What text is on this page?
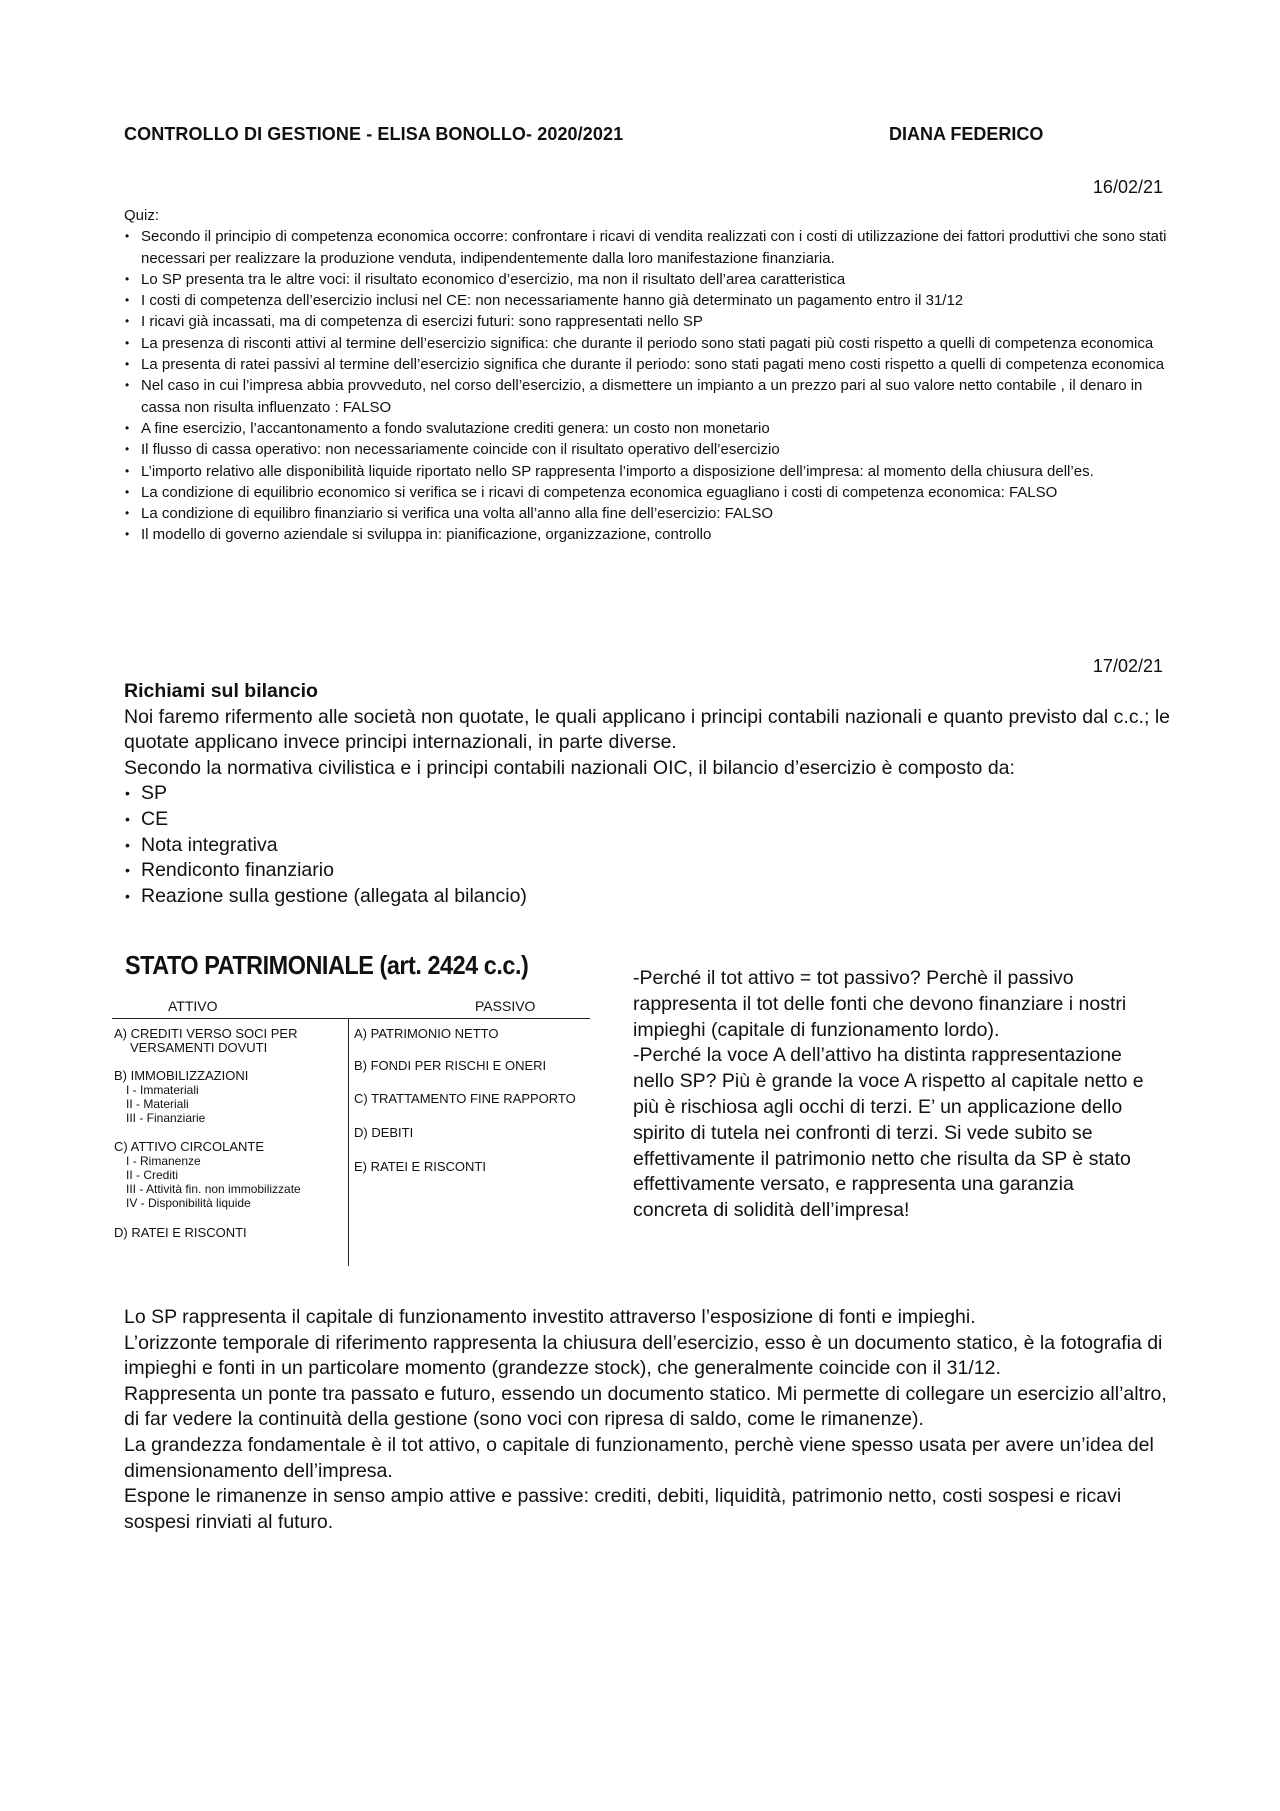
CONTROLLO DI GESTIONE - ELISA BONOLLO- 2020/2021	DIANA FEDERICO
16/02/21

Quiz:

• Secondo il principio di competenza economica occorre: confrontare i ricavi di vendita realizzati con i costi di utilizzazione dei fattori produttivi che sono stati necessari per realizzare la produzione venduta, indipendentemente dalla loro manifestazione finanziaria.
• Lo SP presenta tra le altre voci: il risultato economico d’esercizio, ma non il risultato dell’area caratteristica
• I costi di competenza dell’esercizio inclusi nel CE: non necessariamente hanno già determinato un pagamento entro il 31/12
• I ricavi già incassati, ma di competenza di esercizi futuri: sono rappresentati nello SP
• La presenza di risconti attivi al termine dell’esercizio significa: che durante il periodo sono stati pagati più costi rispetto a quelli di competenza economica
• La presenta di ratei passivi al termine dell’esercizio significa che durante il periodo: sono stati pagati meno costi rispetto a quelli di competenza economica
• Nel caso in cui l’impresa abbia provveduto, nel corso dell’esercizio, a dismettere un impianto a un prezzo pari al suo valore netto contabile , il denaro in cassa non risulta influenzato : FALSO
• A fine esercizio, l’accantonamento a fondo svalutazione crediti genera: un costo non monetario
• Il flusso di cassa operativo: non necessariamente coincide con il risultato operativo dell’esercizio
• L’importo relativo alle disponibilità liquide riportato nello SP rappresenta l’importo a disposizione dell’impresa: al momento della chiusura dell’es.
• La condizione di equilibrio economico si verifica se i ricavi di competenza economica eguagliano i costi di competenza economica: FALSO
• La condizione di equilibro finanziario si verifica una volta all’anno alla fine dell’esercizio: FALSO
• Il modello di governo aziendale si sviluppa in: pianificazione, organizzazione, controllo
17/02/21
Richiami sul bilancio

Noi faremo rifermento alle società non quotate, le quali applicano i principi contabili nazionali e quanto previsto dal c.c.; le quotate applicano invece principi internazionali, in parte diverse.

Secondo la normativa civilistica e i principi contabili nazionali OIC, il bilancio d’esercizio è composto da:

• SP
• CE
• Nota integrativa
• Rendiconto finanziario
• Reazione sulla gestione (allegata al bilancio)
STATO PATRIMONIALE (art. 2424 c.c.)
ATTIVO	PASSIVO
A) CREDITI VERSO SOCI PER
VERSAMENTI DOVUTI
B) IMMOBILIZZAZIONI
I - Immateriali
II - Materiali
III - Finanziarie
C) ATTIVO CIRCOLANTE
I - Rimanenze
II - Crediti
III - Attività fin. non immobilizzate
IV - Disponibilità liquide
D) RATEI E RISCONTI
A) PATRIMONIO NETTO
B) FONDI PER RISCHI E ONERI
C) TRATTAMENTO FINE RAPPORTO
D) DEBITI
E) RATEI E RISCONTI

-Perché il tot attivo = tot passivo? Perchè il passivo rappresenta il tot delle fonti che devono finanziare i nostri impieghi (capitale di funzionamento lordo).

-Perché la voce A dell’attivo ha distinta rappresentazione nello SP? Più è grande la voce A rispetto al capitale netto e più è rischiosa agli occhi di terzi. E’ un applicazione dello spirito di tutela nei confronti di terzi. Si vede subito se effettivamente il patrimonio netto che risulta da SP è stato effettivamente versato, e rappresenta una garanzia concreta di solidità dell’impresa!

Lo SP rappresenta il capitale di funzionamento investito attraverso l’esposizione di fonti e impieghi.

L’orizzonte temporale di riferimento rappresenta la chiusura dell’esercizio, esso è un documento statico, è la fotografia di impieghi e fonti in un particolare momento (grandezze stock), che generalmente coincide con il 31/12.

Rappresenta un ponte tra passato e futuro, essendo un documento statico. Mi permette di collegare un esercizio all’altro, di far vedere la continuità della gestione (sono voci con ripresa di saldo, come le rimanenze).

La grandezza fondamentale è il tot attivo, o capitale di funzionamento, perchè viene spesso usata per avere un’idea del dimensionamento dell’impresa.

Espone le rimanenze in senso ampio attive e passive: crediti, debiti, liquidità, patrimonio netto, costi sospesi e ricavi sospesi rinviati al futuro.
